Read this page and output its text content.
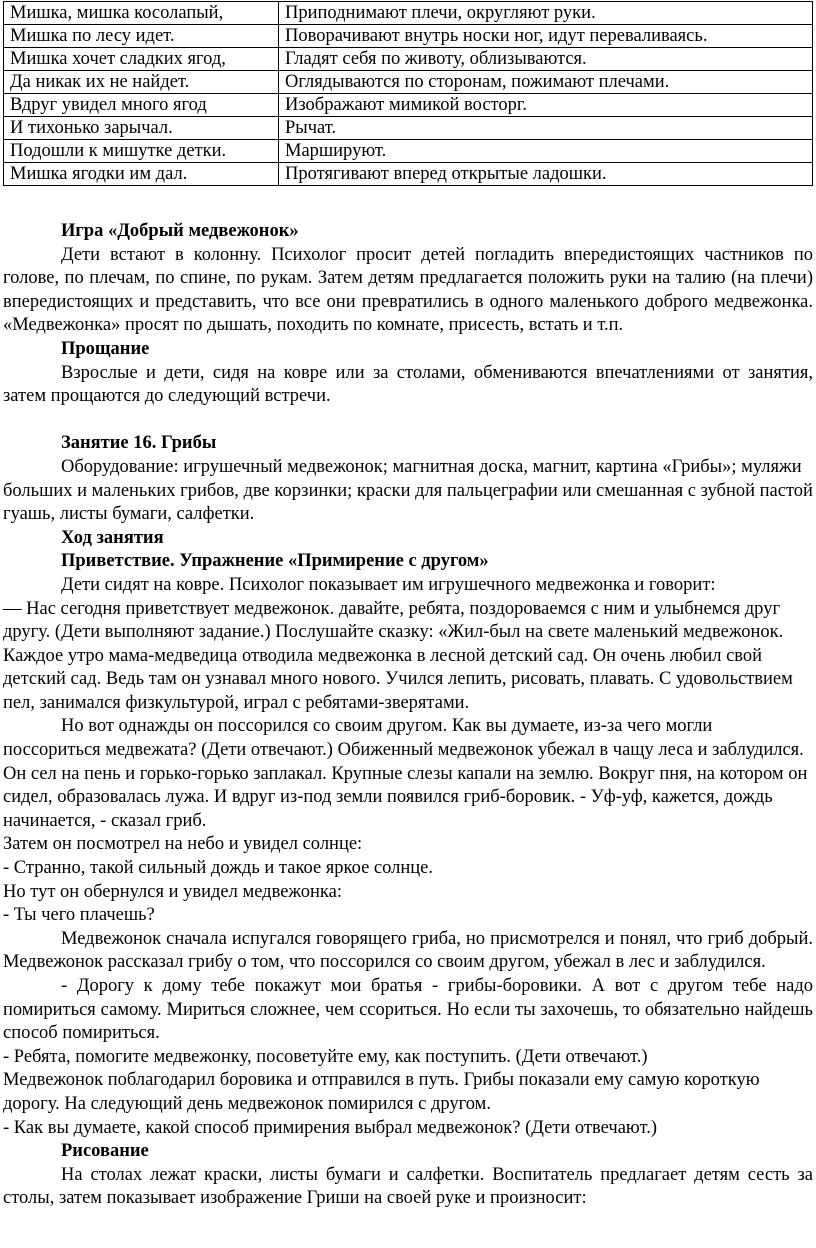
Мишка, мишка косолапый,	Приподнимают плечи, округляют руки.
Мишка по лесу идет.	Поворачивают внутрь носки ног, идут переваливаясь.
Мишка хочет сладких ягод,	Гладят себя по животу, облизываются.
Да никак их не найдет.	Оглядываются по сторонам, пожимают плечами.
Вдруг увидел много ягод	Изображают мимикой восторг.
И тихонько зарычал.	Рычат.
Подошли к мишутке детки.	Маршируют.
Мишка ягодки им дал.	Протягивают вперед открытые ладошки.

Игра «Добрый медвежонок»

Дети встают в колонну. Психолог просит детей погладить впередистоящих частников по голове, по плечам, по спине, по рукам. Затем детям предлагается положить руки на талию (на плечи) впередистоящих и представить, что все они превратились в одного маленького доброго медвежонка. «Медвежонка» просят по дышать, походить по комнате, присесть, встать и т.п.

Прощание

Взрослые и дети, сидя на ковре или за столами, обмениваются впечатлениями от занятия, затем прощаются до следующий встречи.

Занятие 16. Грибы

Оборудование: игрушечный медвежонок; магнитная доска, магнит, картина «Грибы»; муляжи больших и маленьких грибов, две корзинки; краски для пальцеграфии или смешанная с зубной пастой гуашь, листы бумаги, салфетки.

Ход занятия

Приветствие. Упражнение «Примирение с другом»

Дети сидят на ковре. Психолог показывает им игрушечного медвежонка и говорит:

— Нас сегодня приветствует медвежонок. давайте, ребята, поздороваемся с ним и улыбнемся друг другу. (Дети выполняют задание.) Послушайте сказку: «Жил-был на свете маленький медвежонок. Каждое утро мама-медведица отводила медвежонка в лесной детский сад. Он очень любил свой детский сад. Ведь там он узнавал много нового. Учился лепить, рисовать, плавать. С удовольствием пел, занимался физкультурой, играл с ребятами-зверятами.

Но вот однажды он поссорился со своим другом. Как вы думаете, из-за чего могли поссориться медвежата? (Дети отвечают.) Обиженный медвежонок убежал в чащу леса и заблудился. Он сел на пень и горько-горько заплакал. Крупные слезы капали на землю. Вокруг пня, на котором он сидел, образовалась лужа. И вдруг из-под земли появился гриб-боровик. - Уф-уф, кажется, дождь начинается, - сказал гриб.

Затем он посмотрел на небо и увидел солнце:

- Странно, такой сильный дождь и такое яркое солнце.

Но тут он обернулся и увидел медвежонка:

- Ты чего плачешь?

Медвежонок сначала испугался говорящего гриба, но присмотрелся и понял, что гриб добрый. Медвежонок рассказал грибу о том, что поссорился со своим другом, убежал в лес и заблудился.

- Дорогу к дому тебе покажут мои братья - грибы-боровики. А вот с другом тебе надо помириться самому. Мириться сложнее, чем ссориться. Но если ты захочешь, то обязательно найдешь способ помириться.

- Ребята, помогите медвежонку, посоветуйте ему, как поступить. (Дети отвечают.)

Медвежонок поблагодарил боровика и отправился в путь. Грибы показали ему самую короткую дорогу. На следующий день медвежонок помирился с другом.

- Как вы думаете, какой способ примирения выбрал медвежонок? (Дети отвечают.)

Рисование

На столах лежат краски, листы бумаги и салфетки. Воспитатель предлагает детям сесть за столы, затем показывает изображение Гриши на своей руке и произносит:
